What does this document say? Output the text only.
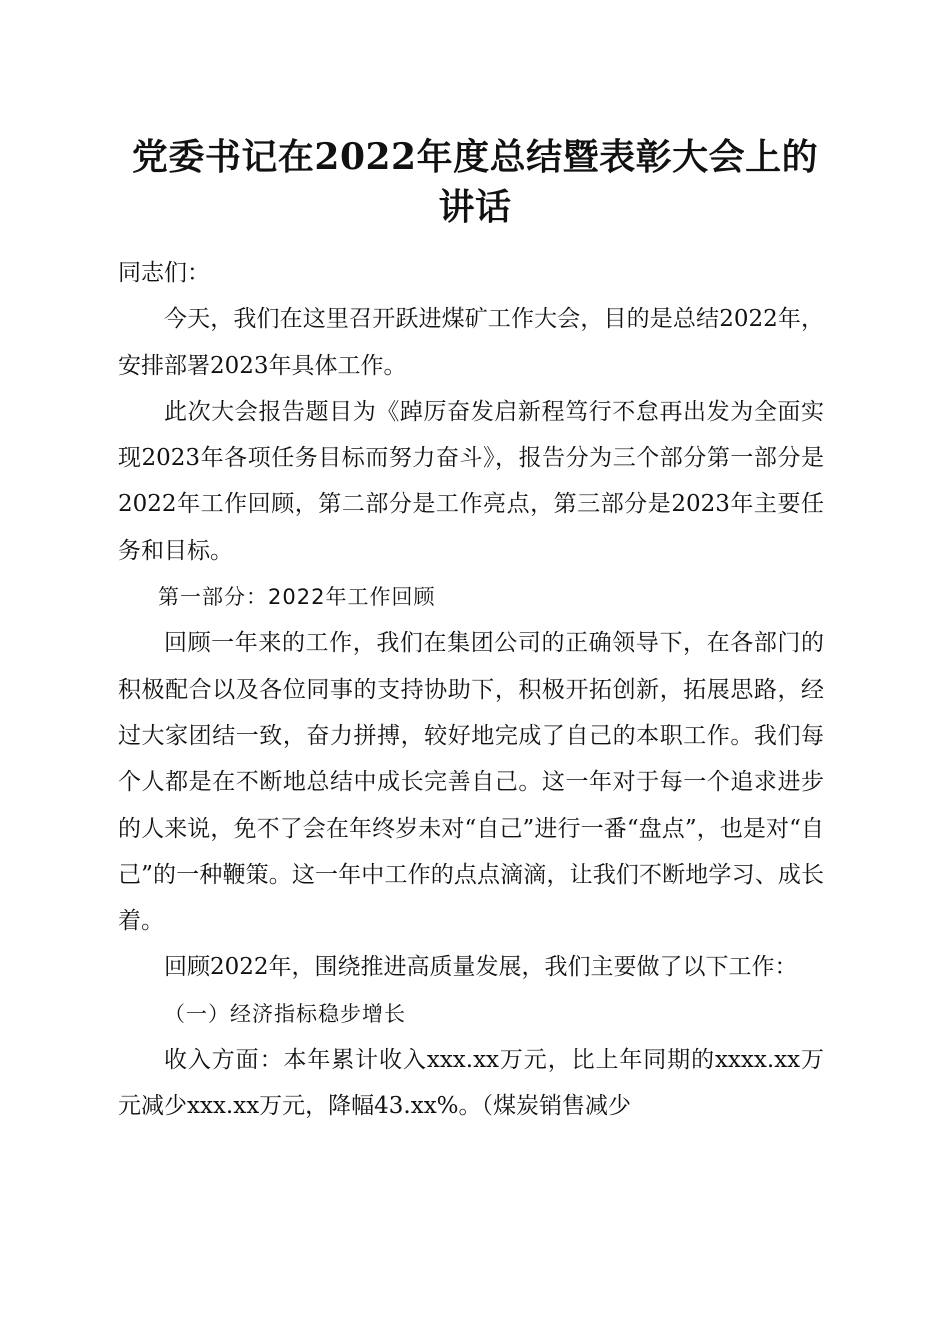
党委书记在2022年度总结暨表彰大会上的讲话

同志们：

今天，我们在这里召开跃进煤矿工作大会，目的是总结2022年，安排部署2023年具体工作。

此次大会报告题目为《踔厉奋发启新程笃行不怠再出发为全面实现2023年各项任务目标而努力奋斗》，报告分为三个部分第一部分是2022年工作回顾，第二部分是工作亮点，第三部分是2023年主要任务和目标。

第一部分：2022年工作回顾

回顾一年来的工作，我们在集团公司的正确领导下，在各部门的积极配合以及各位同事的支持协助下，积极开拓创新，拓展思路，经过大家团结一致，奋力拼搏，较好地完成了自己的本职工作。我们每个人都是在不断地总结中成长完善自己。这一年对于每一个追求进步的人来说，免不了会在年终岁未对“自己”进行一番“盘点”，也是对“自己”的一种鞭策。这一年中工作的点点滴滴，让我们不断地学习、成长着。

回顾2022年，围绕推进高质量发展，我们主要做了以下工作：

（一）经济指标稳步增长

收入方面：本年累计收入xxx.xx万元，比上年同期的xxxx.xx万元减少xxx.xx万元，降幅43.xx%。（煤炭销售减少
